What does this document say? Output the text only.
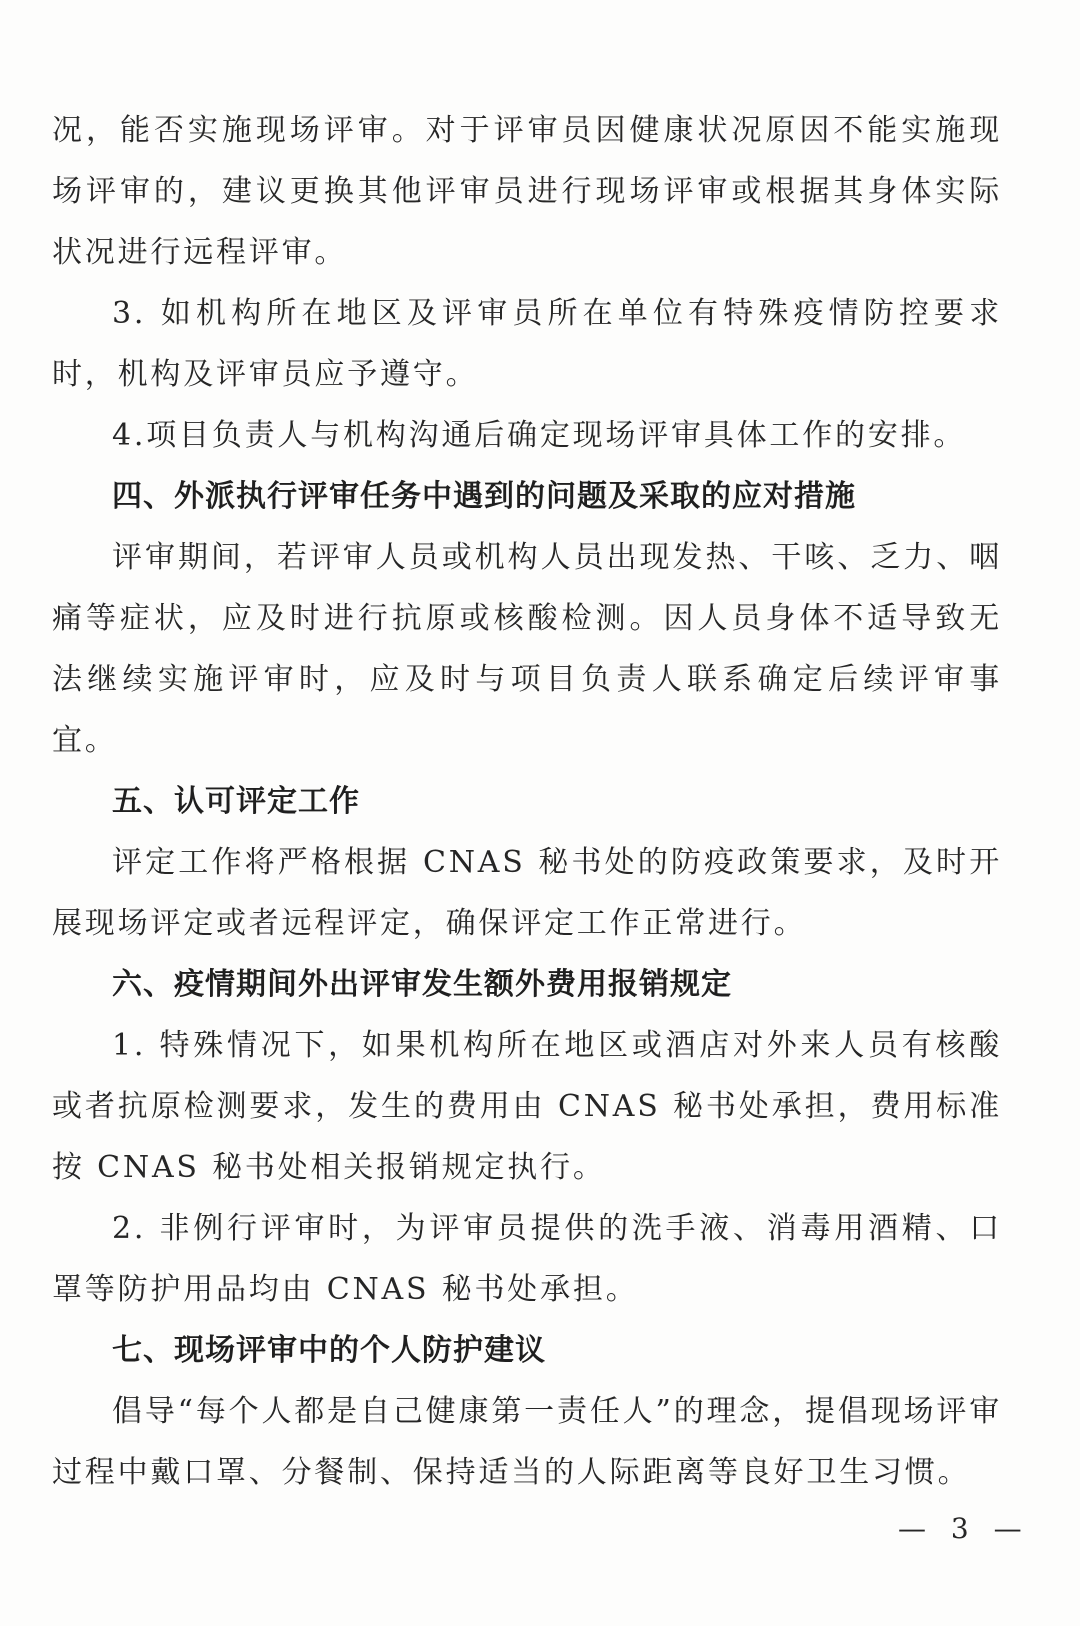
况，能否实施现场评审。对于评审员因健康状况原因不能实施现场评审的，建议更换其他评审员进行现场评审或根据其身体实际状况进行远程评审。

3. 如机构所在地区及评审员所在单位有特殊疫情防控要求时，机构及评审员应予遵守。

4.项目负责人与机构沟通后确定现场评审具体工作的安排。

四、外派执行评审任务中遇到的问题及采取的应对措施

评审期间，若评审人员或机构人员出现发热、干咳、乏力、咽痛等症状，应及时进行抗原或核酸检测。因人员身体不适导致无法继续实施评审时，应及时与项目负责人联系确定后续评审事宜。

五、认可评定工作

评定工作将严格根据 CNAS 秘书处的防疫政策要求，及时开展现场评定或者远程评定，确保评定工作正常进行。

六、疫情期间外出评审发生额外费用报销规定

1. 特殊情况下，如果机构所在地区或酒店对外来人员有核酸或者抗原检测要求，发生的费用由 CNAS 秘书处承担，费用标准按 CNAS 秘书处相关报销规定执行。

2. 非例行评审时，为评审员提供的洗手液、消毒用酒精、口罩等防护用品均由 CNAS 秘书处承担。

七、现场评审中的个人防护建议

倡导“每个人都是自己健康第一责任人”的理念，提倡现场评审过程中戴口罩、分餐制、保持适当的人际距离等良好卫生习惯。

— 3 —
